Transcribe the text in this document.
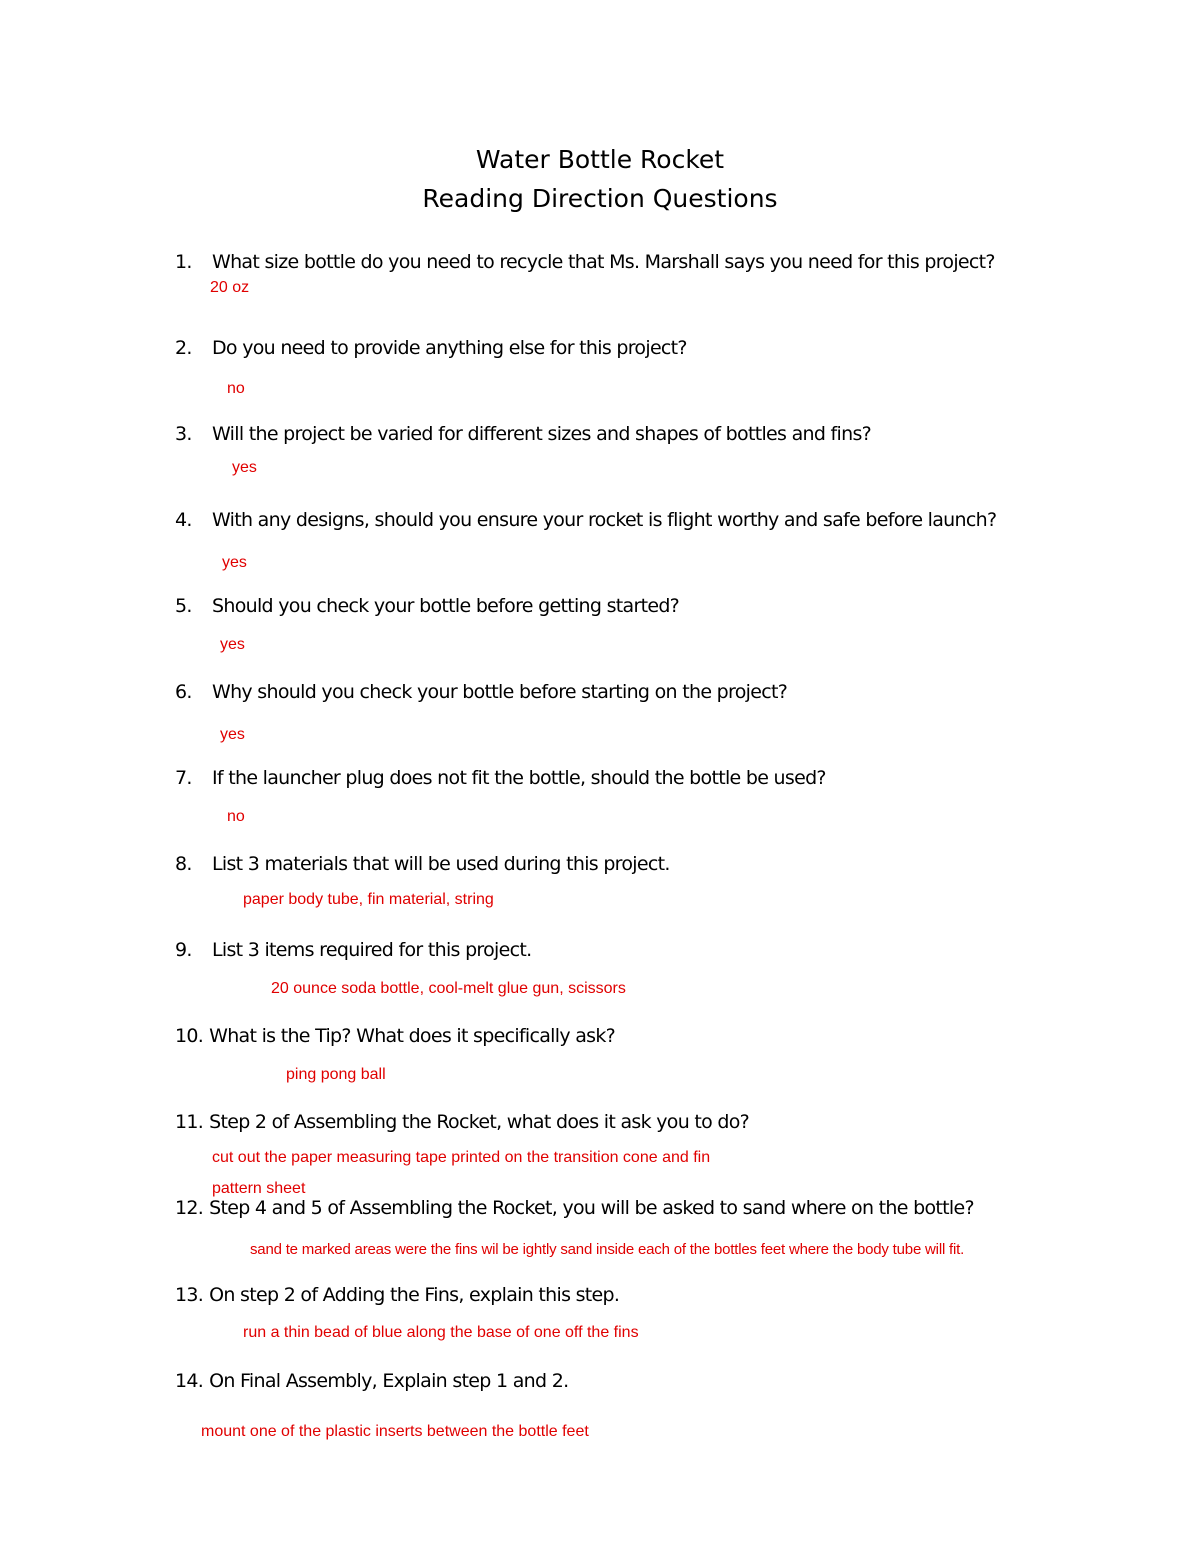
Water Bottle Rocket
Reading Direction Questions
1. What size bottle do you need to recycle that Ms. Marshall says you need for this project?
20 oz
2. Do you need to provide anything else for this project?
no
3. Will the project be varied for different sizes and shapes of bottles and fins?
yes
4. With any designs, should you ensure your rocket is flight worthy and safe before launch?
yes
5. Should you check your bottle before getting started?
yes
6. Why should you check your bottle before starting on the project?
yes
7. If the launcher plug does not fit the bottle, should the bottle be used?
no
8. List 3 materials that will be used during this project.
paper body tube, fin material, string
9. List 3 items required for this project.
20 ounce soda bottle, cool-melt glue gun, scissors
10. What is the Tip? What does it specifically ask?
ping pong ball
11. Step 2 of Assembling the Rocket, what does it ask you to do?
cut out the paper measuring tape printed on the transition cone and fin
pattern sheet
12. Step 4 and 5 of Assembling the Rocket, you will be asked to sand where on the bottle?
sand te marked areas were the fins wil be ightly sand inside each of the bottles feet where the body tube will fit.
13. On step 2 of Adding the Fins, explain this step.
run a thin bead of blue along the base of one off the fins
14. On Final Assembly, Explain step 1 and 2.
mount one of the plastic inserts between the bottle feet
